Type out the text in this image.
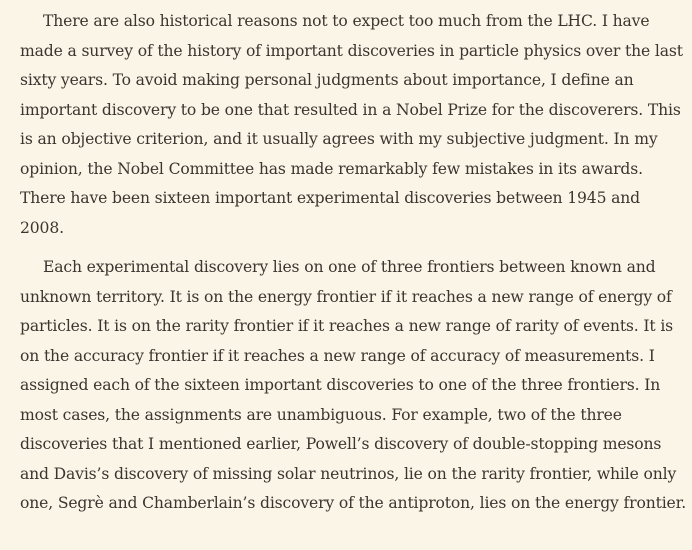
There are also historical reasons not to expect too much from the LHC. I have made a survey of the history of important discoveries in particle physics over the last sixty years. To avoid making personal judgments about importance, I define an important discovery to be one that resulted in a Nobel Prize for the discoverers. This is an objective criterion, and it usually agrees with my subjective judgment. In my opinion, the Nobel Committee has made remarkably few mistakes in its awards. There have been sixteen important experimental discoveries between 1945 and 2008.

Each experimental discovery lies on one of three frontiers between known and unknown territory. It is on the energy frontier if it reaches a new range of energy of particles. It is on the rarity frontier if it reaches a new range of rarity of events. It is on the accuracy frontier if it reaches a new range of accuracy of measurements. I assigned each of the sixteen important discoveries to one of the three frontiers. In most cases, the assignments are unambiguous. For example, two of the three discoveries that I mentioned earlier, Powell’s discovery of double-stopping mesons and Davis’s discovery of missing solar neutrinos, lie on the rarity frontier, while only one, Segrè and Chamberlain’s discovery of the antiproton, lies on the energy frontier.
